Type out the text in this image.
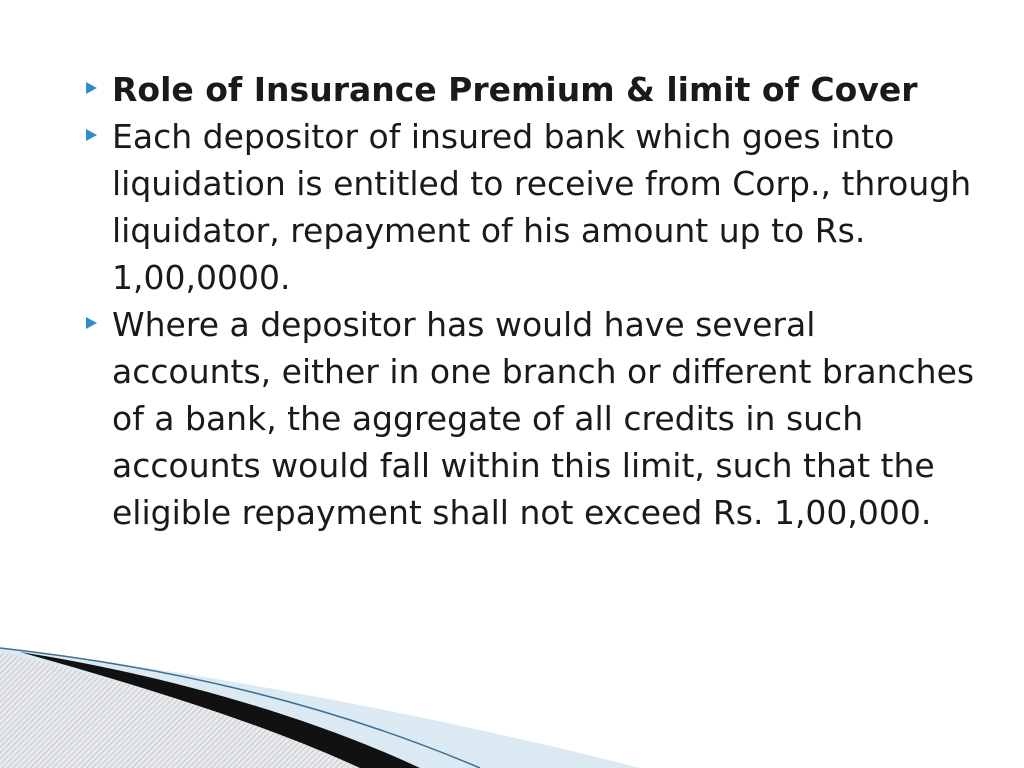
Role of Insurance Premium & limit of Cover
Each depositor of insured bank which goes into liquidation is entitled to receive from Corp., through liquidator, repayment of his amount up to Rs. 1,00,0000.
Where a depositor has would have several accounts, either in one branch or different branches of a bank, the aggregate of all credits in such accounts would fall within this limit, such that the eligible repayment shall not exceed Rs. 1,00,000.
